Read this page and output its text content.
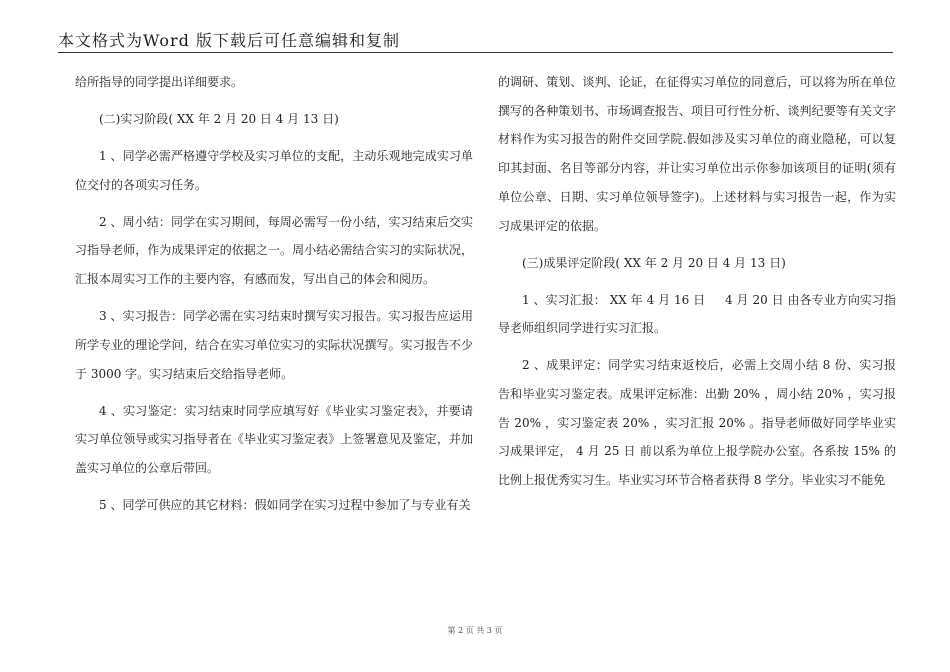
本文格式为Word 版下载后可任意编辑和复制

给所指导的同学提出详细要求。

(二)实习阶段( XX 年 2 月 20 日 4 月 13 日)

1 、同学必需严格遵守学校及实习单位的支配，主动乐观地完成实习单位交付的各项实习任务。

2 、周小结：同学在实习期间，每周必需写一份小结，实习结束后交实习指导老师，作为成果评定的依据之一。周小结必需结合实习的实际状况，汇报本周实习工作的主要内容，有感而发，写出自己的体会和阅历。

3 、实习报告：同学必需在实习结束时撰写实习报告。实习报告应运用所学专业的理论学问，结合在实习单位实习的实际状况撰写。实习报告不少于 3000 字。实习结束后交给指导老师。

4 、实习鉴定：实习结束时同学应填写好《毕业实习鉴定表》，并要请实习单位领导或实习指导者在《毕业实习鉴定表》上签署意见及鉴定，并加盖实习单位的公章后带回。

5 、同学可供应的其它材料：假如同学在实习过程中参加了与专业有关

的调研、策划、谈判、论证，在征得实习单位的同意后，可以将为所在单位撰写的各种策划书、市场调查报告、项目可行性分析、谈判纪要等有关文字材料作为实习报告的附件交回学院.假如涉及实习单位的商业隐秘，可以复印其封面、名目等部分内容，并让实习单位出示你参加该项目的证明(须有单位公章、日期、实习单位领导签字)。上述材料与实习报告一起，作为实习成果评定的依据。

(三)成果评定阶段( XX 年 2 月 20 日 4 月 13 日)

1 、实习汇报： XX 年 4 月 16 日 　 4 月 20 日 由各专业方向实习指导老师组织同学进行实习汇报。

2 、成果评定：同学实习结束返校后，必需上交周小结 8 份、实习报告和毕业实习鉴定表。成果评定标准：出勤 20% ，周小结 20% ，实习报告 20% ，实习鉴定表 20% ，实习汇报 20% 。指导老师做好同学毕业实习成果评定， 4 月 25 日 前以系为单位上报学院办公室。各系按 15% 的比例上报优秀实习生。毕业实习环节合格者获得 8 学分。毕业实习不能免

第 2 页 共 3 页
